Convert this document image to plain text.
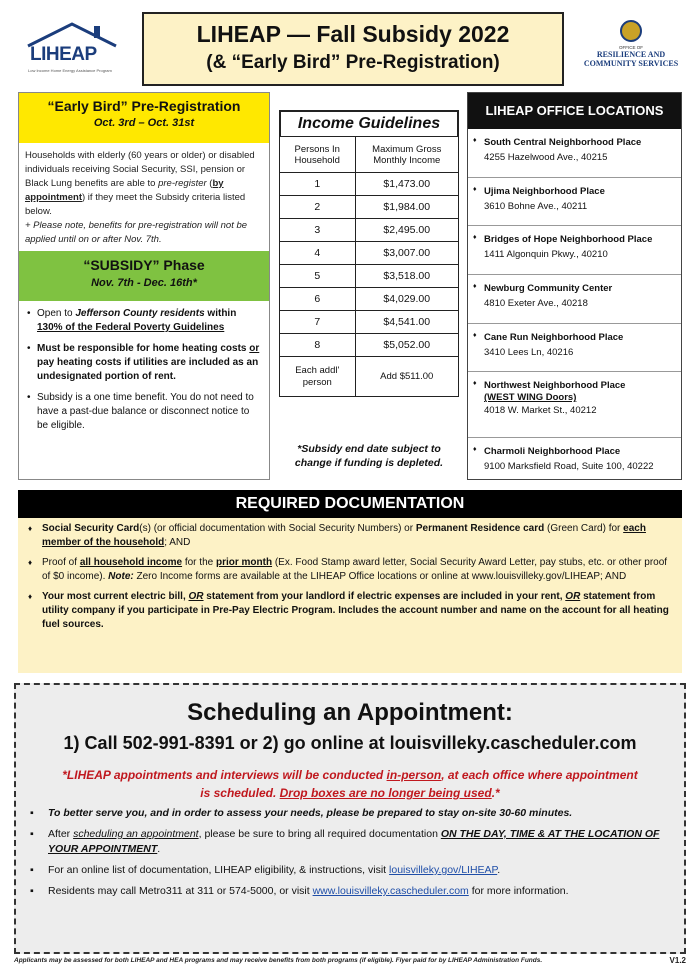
LIHEAP
Low Income Home Energy Assistance Program
LIHEAP — Fall Subsidy 2022
(& “Early Bird” Pre-Registration)
OFFICE OF
RESILIENCE AND
COMMUNITY SERVICES
“Early Bird” Pre-Registration
Oct. 3rd – Oct. 31st
Households with elderly (60 years or older) or disabled individuals receiving Social Security, SSI, pension or Black Lung benefits are able to pre-register (by appointment) if they meet the Subsidy criteria listed below.
+ Please note, benefits for pre-registration will not be applied until on or after Nov. 7th.
“SUBSIDY” Phase
Nov. 7th - Dec. 16th*
• Open to Jefferson County residents within 130% of the Federal Poverty Guidelines
• Must be responsible for home heating costs or pay heating costs if utilities are included as an undesignated portion of rent.
• Subsidy is a one time benefit. You do not need to have a past-due balance or disconnect notice to be eligible.
Income Guidelines
Persons In Household	Maximum Gross Monthly Income
1	$1,473.00
2	$1,984.00
3	$2,495.00
4	$3,007.00
5	$3,518.00
6	$4,029.00
7	$4,541.00
8	$5,052.00
Each addl' person	Add $511.00
*Subsidy end date subject to change if funding is depleted.
LIHEAP OFFICE LOCATIONS
♦ South Central Neighborhood Place
4255 Hazelwood Ave., 40215
♦ Ujima Neighborhood Place
3610 Bohne Ave., 40211
♦ Bridges of Hope Neighborhood Place
1411 Algonquin Pkwy., 40210
♦ Newburg Community Center
4810 Exeter Ave., 40218
♦ Cane Run Neighborhood Place
3410 Lees Ln, 40216
♦ Northwest Neighborhood Place
(WEST WING Doors)
4018 W. Market St., 40212
♦ Charmoli Neighborhood Place
9100 Marksfield Road, Suite 100, 40222
REQUIRED DOCUMENTATION
♦ Social Security Card(s) (or official documentation with Social Security Numbers) or Permanent Residence card (Green Card) for each member of the household; AND
♦ Proof of all household income for the prior month (Ex. Food Stamp award letter, Social Security Award Letter, pay stubs, etc. or other proof of $0 income). Note: Zero Income forms are available at the LIHEAP Office locations or online at www.louisvilleky.gov/LIHEAP; AND
♦ Your most current electric bill, OR statement from your landlord if electric expenses are included in your rent, OR statement from utility company if you participate in Pre-Pay Electric Program. Includes the account number and name on the account for all heating fuel sources.
Scheduling an Appointment:
1) Call 502-991-8391 or 2) go online at louisvilleky.cascheduler.com
*LIHEAP appointments and interviews will be conducted in-person, at each office where appointment is scheduled. Drop boxes are no longer being used.*
▪ To better serve you, and in order to assess your needs, please be prepared to stay on-site 30-60 minutes.
▪ After scheduling an appointment, please be sure to bring all required documentation ON THE DAY, TIME & AT THE LOCATION OF YOUR APPOINTMENT.
▪ For an online list of documentation, LIHEAP eligibility, & instructions, visit louisvilleky.gov/LIHEAP.
▪ Residents may call Metro311 at 311 or 574-5000, or visit www.louisvilleky.cascheduler.com for more information.
Applicants may be assessed for both LIHEAP and HEA programs and may receive benefits from both programs (if eligible). Flyer paid for by LIHEAP Administration Funds.	V1.2
